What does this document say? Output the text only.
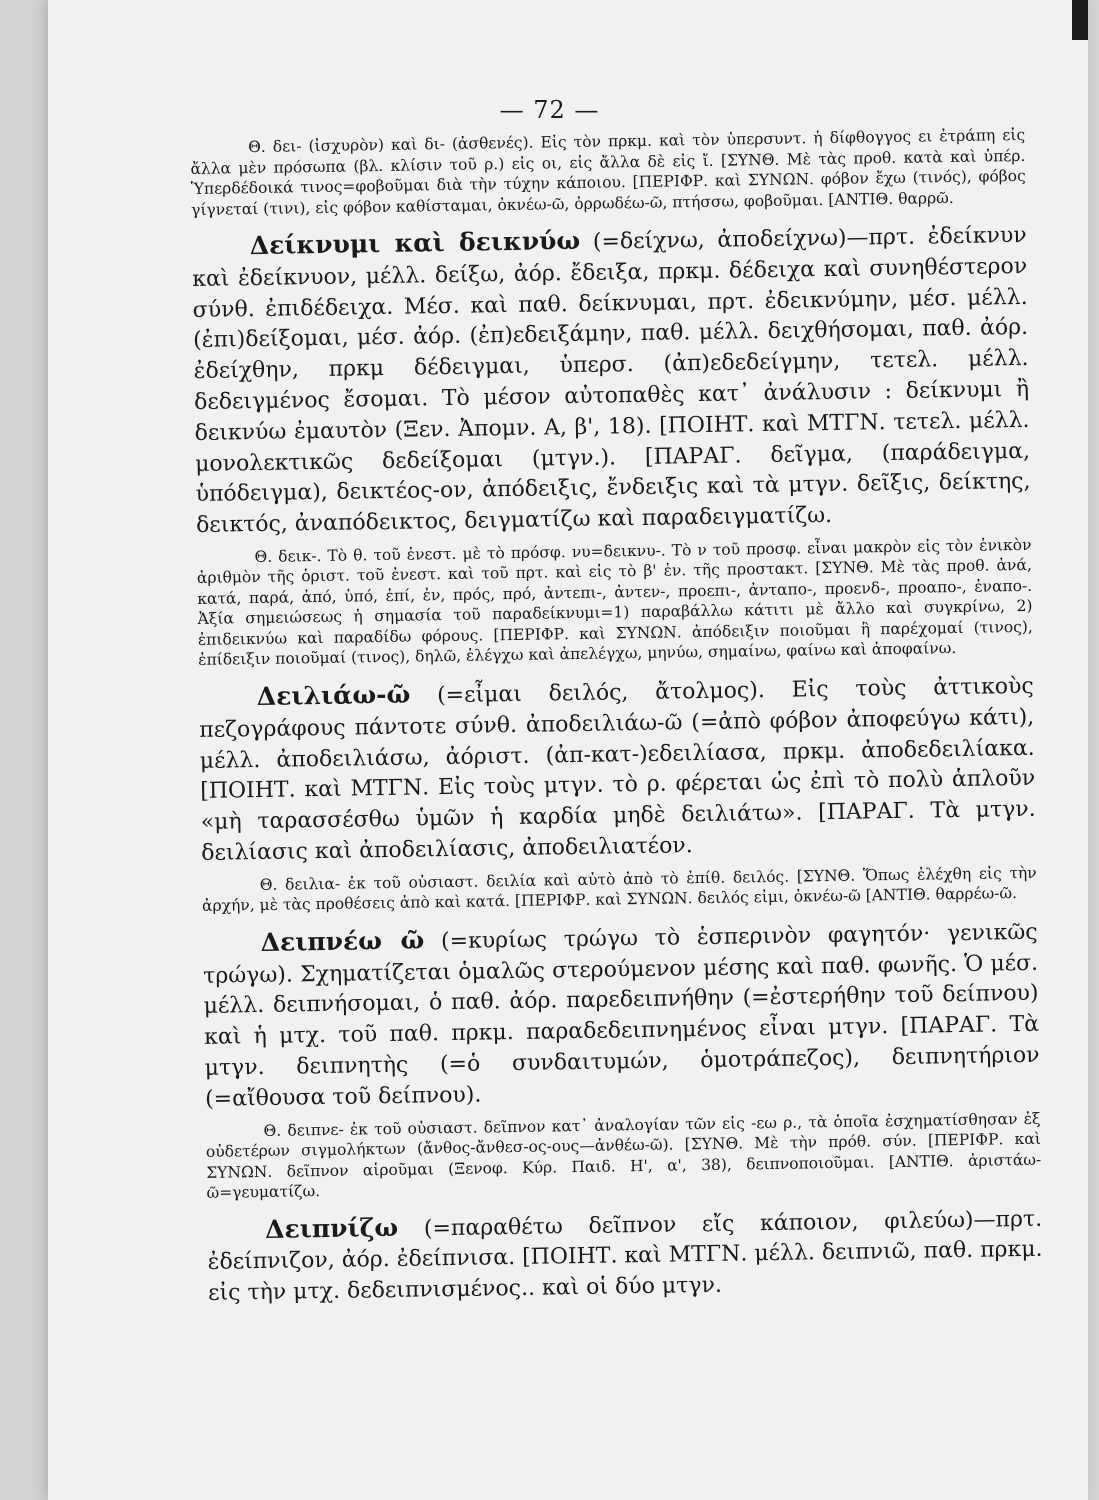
— 72 —

Θ. δει- (ἰσχυρὸν) καὶ δι- (ἀσθενές). Εἰς τὸν πρκμ. καὶ τὸν ὑπερσυντ. ἡ δίφθογγος ει ἐτράπη εἰς ἄλλα μὲν πρόσωπα (βλ. κλίσιν τοῦ ρ.) εἰς οι, εἰς ἄλλα δὲ εἰς ἴ. [ΣΥΝΘ. Μὲ τὰς προθ. κατὰ καὶ ὑπέρ. Ὑπερδέδοικά τινος=φοβοῦμαι διὰ τὴν τύχην κάποιου. [ΠΕΡΙΦΡ. καὶ ΣΥΝΩΝ. φόβον ἔχω (τινός), φόβος γίγνεταί (τινι), εἰς φόβον καθίσταμαι, ὀκνέω-ῶ, ὀρρωδέω-ῶ, πτήσσω, φοβοῦμαι. [ΑΝΤΙΘ. θαρρῶ.

Δείκνυμι καὶ δεικνύω (=δείχνω, ἀποδείχνω)—πρτ. ἐδείκνυν καὶ ἐδείκνυον, μέλλ. δείξω, ἀόρ. ἔδειξα, πρκμ. δέδειχα καὶ συνηθέστερον σύνθ. ἐπιδέδειχα. Μέσ. καὶ παθ. δείκνυμαι, πρτ. ἐδεικνύμην, μέσ. μέλλ. (ἐπι)δείξομαι, μέσ. ἀόρ. (ἐπ)εδειξάμην, παθ. μέλλ. δειχθήσομαι, παθ. ἀόρ. ἐδείχθην, πρκμ δέδειγμαι, ὑπερσ. (ἀπ)εδεδείγμην, τετελ. μέλλ. δεδειγμένος ἔσομαι. Τὸ μέσον αὐτοπαθὲς κατ᾽ ἀνάλυσιν : δείκνυμι ἢ δεικνύω ἐμαυτὸν (Ξεν. Ἀπομν. Α, β', 18). [ΠΟΙΗΤ. καὶ ΜΤΓΝ. τετελ. μέλλ. μονολεκτικῶς δεδείξομαι (μτγν.). [ΠΑΡΑΓ. δεῖγμα, (παράδειγμα, ὑπόδειγμα), δεικτέος-ον, ἀπόδειξις, ἔνδειξις καὶ τὰ μτγν. δεῖξις, δείκτης, δεικτός, ἀναπόδεικτος, δειγματίζω καὶ παραδειγματίζω.

Θ. δεικ-. Τὸ θ. τοῦ ἐνεστ. μὲ τὸ πρόσφ. νυ=δεικνυ-. Τὸ ν τοῦ προσφ. εἶναι μακρὸν εἰς τὸν ἑνικὸν ἀριθμὸν τῆς ὁριστ. τοῦ ἐνεστ. καὶ τοῦ πρτ. καὶ εἰς τὸ β' ἑν. τῆς προστακτ. [ΣΥΝΘ. Μὲ τὰς προθ. ἀνά, κατά, παρά, ἀπό, ὑπό, ἐπί, ἐν, πρός, πρό, ἀντεπι-, ἀντεν-, προεπι-, ἀνταπο-, προενδ-, προαπο-, ἐναπο-. Ἀξία σημειώσεως ἡ σημασία τοῦ παραδείκνυμι=1) παραβάλλω κάτιτι μὲ ἄλλο καὶ συγκρίνω, 2) ἐπιδεικνύω καὶ παραδίδω φόρους. [ΠΕΡΙΦΡ. καὶ ΣΥΝΩΝ. ἀπόδειξιν ποιοῦμαι ἢ παρέχομαί (τινος), ἐπίδειξιν ποιοῦμαί (τινος), δηλῶ, ἐλέγχω καὶ ἀπελέγχω, μηνύω, σημαίνω, φαίνω καὶ ἀποφαίνω.

Δειλιάω-ῶ (=εἶμαι δειλός, ἄτολμος). Εἰς τοὺς ἀττικοὺς πεζογράφους πάντοτε σύνθ. ἀποδειλιάω-ῶ (=ἀπὸ φόβον ἀποφεύγω κάτι), μέλλ. ἀποδειλιάσω, ἀόριστ. (ἀπ-κατ-)εδειλίασα, πρκμ. ἀποδεδειλίακα. [ΠΟΙΗΤ. καὶ ΜΤΓΝ. Εἰς τοὺς μτγν. τὸ ρ. φέρεται ὡς ἐπὶ τὸ πολὺ ἁπλοῦν «μὴ ταρασσέσθω ὑμῶν ἡ καρδία μηδὲ δειλιάτω». [ΠΑΡΑΓ. Τὰ μτγν. δειλίασις καὶ ἀποδειλίασις, ἀποδειλιατέον.

Θ. δειλια- ἐκ τοῦ οὐσιαστ. δειλία καὶ αὐτὸ ἀπὸ τὸ ἐπίθ. δειλός. [ΣΥΝΘ. Ὅπως ἐλέχθη εἰς τὴν ἀρχήν, μὲ τὰς προθέσεις ἀπὸ καὶ κατά. [ΠΕΡΙΦΡ. καὶ ΣΥΝΩΝ. δειλός εἰμι, ὀκνέω-ῶ [ΑΝΤΙΘ. θαρρέω-ῶ.

Δειπνέω ῶ (=κυρίως τρώγω τὸ ἑσπερινὸν φαγητόν· γενικῶς τρώγω). Σχηματίζεται ὁμαλῶς στερούμενον μέσης καὶ παθ. φωνῆς. Ὁ μέσ. μέλλ. δειπνήσομαι, ὁ παθ. ἀόρ. παρεδειπνήθην (=ἐστερήθην τοῦ δείπνου) καὶ ἡ μτχ. τοῦ παθ. πρκμ. παραδεδειπνημένος εἶναι μτγν. [ΠΑΡΑΓ. Τὰ μτγν. δειπνητὴς (=ὁ συνδαιτυμών, ὁμοτράπεζος), δειπνητήριον (=αἴθουσα τοῦ δείπνου).

Θ. δειπνε- ἐκ τοῦ οὐσιαστ. δεῖπνον κατ᾽ ἀναλογίαν τῶν εἰς -εω ρ., τὰ ὁποῖα ἐσχηματίσθησαν ἐξ οὐδετέρων σιγμολήκτων (ἄνθος-ἄνθεσ-ος-ους—ἀνθέω-ῶ). [ΣΥΝΘ. Μὲ τὴν πρόθ. σύν. [ΠΕΡΙΦΡ. καὶ ΣΥΝΩΝ. δεῖπνον αἱροῦμαι (Ξενοφ. Κύρ. Παιδ. Η', α', 38), δειπνοποιοῦμαι. [ΑΝΤΙΘ. ἀριστάω-ῶ=γευματίζω.

Δειπνίζω (=παραθέτω δεῖπνον εἴς κάποιον, φιλεύω)—πρτ. ἐδείπνιζον, ἀόρ. ἐδείπνισα. [ΠΟΙΗΤ. καὶ ΜΤΓΝ. μέλλ. δειπνιῶ, παθ. πρκμ. εἰς τὴν μτχ. δεδειπνισμένος.. καὶ οἱ δύο μτγν.
